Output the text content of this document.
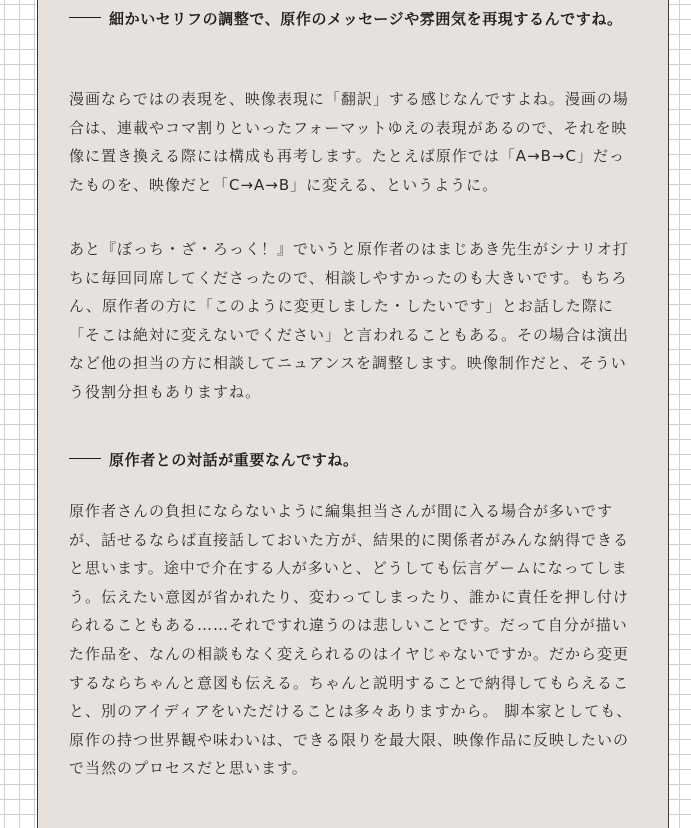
細かいセリフの調整で、原作のメッセージや雰囲気を再現するんですね。

漫画ならではの表現を、映像表現に「翻訳」する感じなんですよね。漫画の場合は、連載やコマ割りといったフォーマットゆえの表現があるので、それを映像に置き換える際には構成も再考します。たとえば原作では「A→B→C」だったものを、映像だと「C→A→B」に変える、というように。

あと『ぼっち・ざ・ろっく！』でいうと原作者のはまじあき先生がシナリオ打ちに毎回同席してくださったので、相談しやすかったのも大きいです。もちろん、原作者の方に「このように変更しました・したいです」とお話した際に「そこは絶対に変えないでください」と言われることもある。その場合は演出など他の担当の方に相談してニュアンスを調整します。映像制作だと、そういう役割分担もありますね。

原作者との対話が重要なんですね。

原作者さんの負担にならないように編集担当さんが間に入る場合が多いですが、話せるならば直接話しておいた方が、結果的に関係者がみんな納得できると思います。途中で介在する人が多いと、どうしても伝言ゲームになってしまう。伝えたい意図が省かれたり、変わってしまったり、誰かに責任を押し付けられることもある……それですれ違うのは悲しいことです。だって自分が描いた作品を、なんの相談もなく変えられるのはイヤじゃないですか。だから変更するならちゃんと意図も伝える。ちゃんと説明することで納得してもらえること、別のアイディアをいただけることは多々ありますから。 脚本家としても、原作の持つ世界観や味わいは、できる限りを最大限、映像作品に反映したいので当然のプロセスだと思います。
